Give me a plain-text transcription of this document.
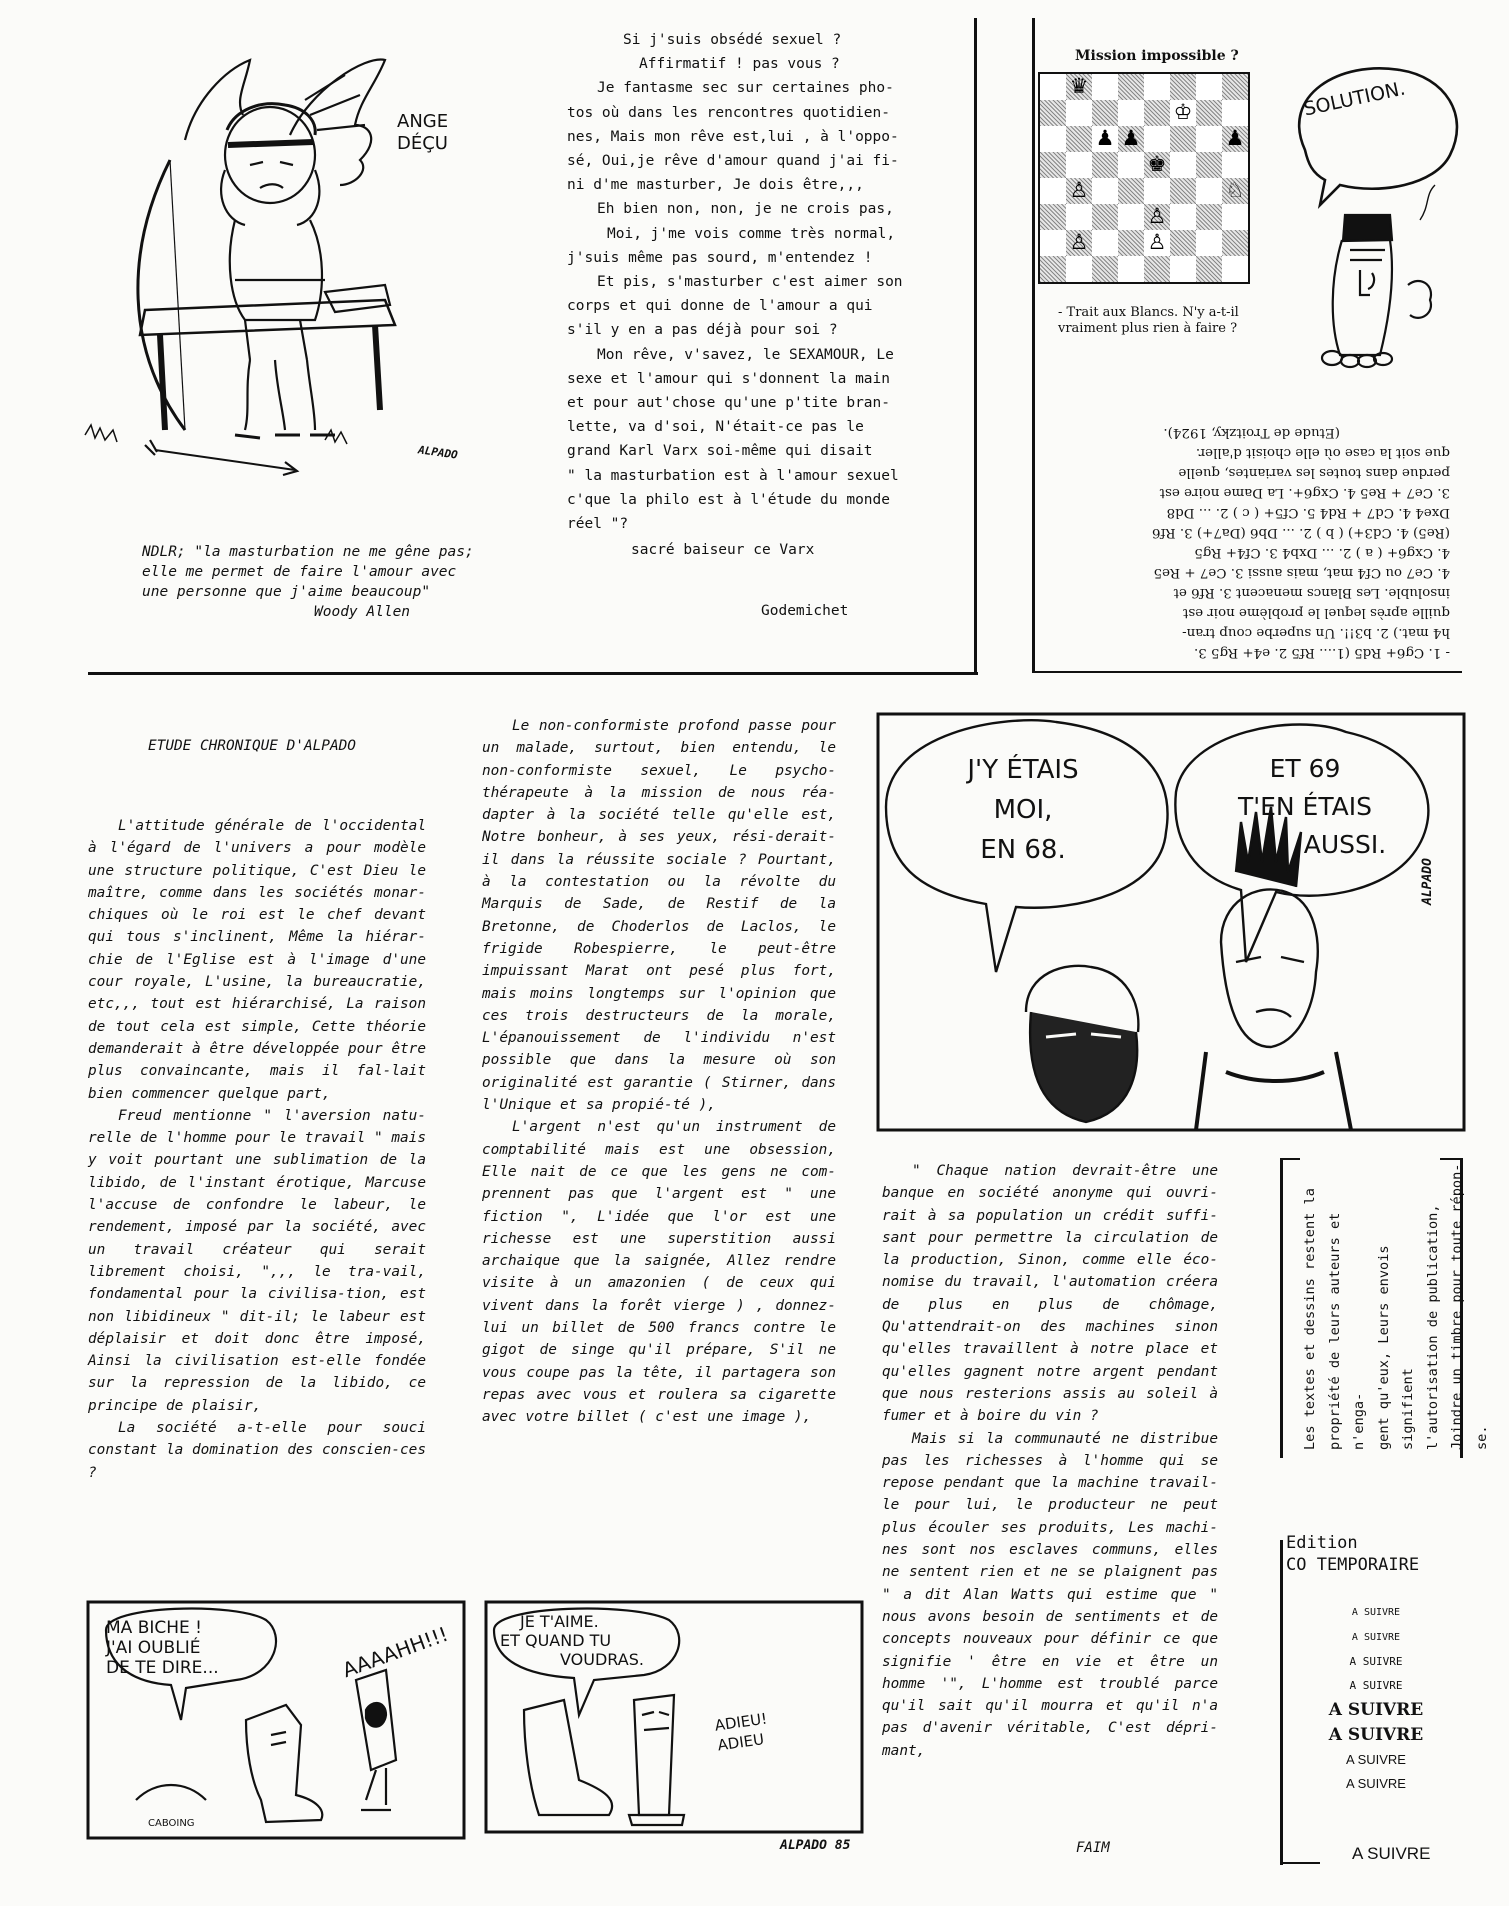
ANGE
DÉÇU
ALPADO
NDLR; "la masturbation ne me gêne pas;
elle me permet de faire l'amour avec
une personne que j'aime beaucoup"
Woody Allen

Si j'suis obsédé sexuel ?

Affirmatif ! pas vous ?

Je fantasme sec sur certaines pho-

tos où dans les rencontres quotidien-

nes, Mais mon rêve est,lui , à l'oppo-

sé, Oui,je rêve d'amour quand j'ai fi-

ni d'me masturber, Je dois être,,,

Eh bien non, non, je ne crois pas,

Moi, j'me vois comme très normal,

j'suis même pas sourd, m'entendez !

Et pis, s'masturber c'est aimer son

corps et qui donne de l'amour a qui

s'il y en a pas déjà pour soi ?

Mon rêve, v'savez, le SEXAMOUR, Le

sexe et l'amour qui s'donnent la main

et pour aut'chose qu'une p'tite bran-

lette, va d'soi, N'était-ce pas le

grand Karl Varx soi-même qui disait

" la masturbation est à l'amour sexuel

c'que la philo est à l'étude du monde

réel "?

sacré baiseur ce Varx

Godemichet
Mission impossible ?
♛
♔
♟ ♟	♟
♚
♙	♘
♙
♙	♙
- Trait aux Blancs. N'y a-t-il vraiment plus rien à faire ?
SOLUTION.
- 1. Cg6+ Rd5 (1.... Rf5 2. e4+ Rg5 3.
h4 mat.) 2. b3!!. Un superbe coup tran-
quille après lequel le problème noir est
insoluble. Les Blancs menacent 3. Rf6 et
4. Ce7 ou Cf4 mat, mais aussi 3. Ce7 + Re5
4. Cxg6+ ( a ) 2. ... Dxb4 3. Cf4+ Rg5
(Re5) 4. Cd3+) ( b ) 2. ... Db6 (Da7+) 3. Rf6
Dxe4 4. Cd7 + Rd4 5. Cf5+ ( c ) 2. ... Dd8
3. Ce7 + Re5 4. Cxg6+. La Dame noire est
perdue dans toutes les variantes, quelle
que soit la case où elle choisit d'aller.
(Etude de Troitzky, 1924).
ETUDE CHRONIQUE D'ALPADO

L'attitude générale de l'occidental à l'égard de l'univers a pour modèle une structure politique, C'est Dieu le maître, comme dans les sociétés monar-chiques où le roi est le chef devant qui tous s'inclinent, Même la hiérar-chie de l'Eglise est à l'image d'une cour royale, L'usine, la bureaucratie, etc,,, tout est hiérarchisé, La raison de tout cela est simple, Cette théorie demanderait à être développée pour être plus convaincante, mais il fal-lait bien commencer quelque part,

Freud mentionne " l'aversion natu-relle de l'homme pour le travail " mais y voit pourtant une sublimation de la libido, de l'instant érotique, Marcuse l'accuse de confondre le labeur, le rendement, imposé par la société, avec un travail créateur qui serait librement choisi, ",,, le tra-vail, fondamental pour la civilisa-tion, est non libidineux " dit-il; le labeur est déplaisir et doit donc être imposé, Ainsi la civilisation est-elle fondée sur la repression de la libido, ce principe de plaisir,

La société a-t-elle pour souci constant la domination des conscien-ces ?

Le non-conformiste profond passe pour un malade, surtout, bien entendu, le non-conformiste sexuel, Le psycho-thérapeute à la mission de nous réa-dapter à la société telle qu'elle est, Notre bonheur, à ses yeux, rési-derait-il dans la réussite sociale ? Pourtant, à la contestation ou la révolte du Marquis de Sade, de Restif de la Bretonne, de Choderlos de Laclos, le frigide Robespierre, le peut-être impuissant Marat ont pesé plus fort, mais moins longtemps sur l'opinion que ces trois destructeurs de la morale, L'épanouissement de l'individu n'est possible que dans la mesure où son originalité est garantie ( Stirner, dans l'Unique et sa propié-té ),

L'argent n'est qu'un instrument de comptabilité mais est une obsession, Elle nait de ce que les gens ne com-prennent pas que l'argent est " une fiction ", L'idée que l'or est une richesse est une superstition aussi archaique que la saignée, Allez rendre visite à un amazonien ( de ceux qui vivent dans la forêt vierge ) , donnez-lui un billet de 500 francs contre le gigot de singe qu'il prépare, S'il ne vous coupe pas la tête, il partagera son repas avec vous et roulera sa cigarette avec votre billet ( c'est une image ),

" Chaque nation devrait-être une banque en société anonyme qui ouvri-rait à sa population un crédit suffi-sant pour permettre la circulation de la production, Sinon, comme elle éco-nomise du travail, l'automation créera de plus en plus de chômage, Qu'attendrait-on des machines sinon qu'elles travaillent à notre place et qu'elles gagnent notre argent pendant que nous resterions assis au soleil à fumer et à boire du vin ?

Mais si la communauté ne distribue pas les richesses à l'homme qui se repose pendant que la machine travail-le pour lui, le producteur ne peut plus écouler ses produits, Les machi-nes sont nos esclaves communs, elles ne sentent rien et ne se plaignent pas " a dit Alan Watts qui estime que " nous avons besoin de sentiments et de concepts nouveaux pour définir ce que signifie ' être en vie et être un homme '", L'homme est troublé parce qu'il sait qu'il mourra et qu'il n'a pas d'avenir véritable, C'est dépri-mant,

FAIM
J'Y ÉTAIS
MOI,
EN 68.
ET 69
T'EN ÉTAIS
AUSSI.
ALPADO
Les textes et dessins restent la propriété de leurs auteurs et n'enga- gent qu'eux, Leurs envois signifient l'autorisation de publication, Joindre un timbre pour toute répon- se.
Edition
CO TEMPORAIRE
A SUIVRE
A SUIVRE
A SUIVRE
A SUIVRE
A SUIVRE
A SUIVRE
A SUIVRE
A SUIVRE
A SUIVRE
MA BICHE !
J'AI OUBLIÉ
DE TE DIRE...	AAAAHH!!!
CABOING
JE T'AIME.
ET QUAND TU
VOUDRAS.
ADIEU!
ADIEU
ALPADO 85
